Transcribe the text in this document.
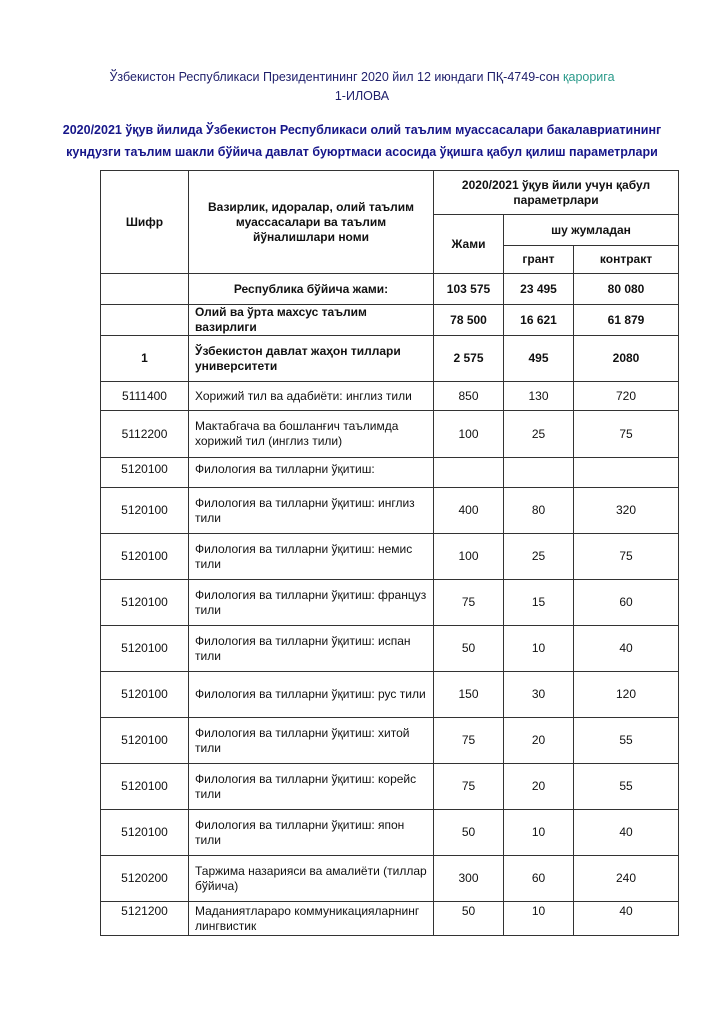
Ўзбекистон Республикаси Президентининг 2020 йил 12 июндаги ПҚ-4749-сон қарорига
1-ИЛОВА
2020/2021 ўқув йилида Ўзбекистон Республикаси олий таълим муассасалари бакалавриатининг
кундузги таълим шакли бўйича давлат буюртмаси асосида ўқишга қабул қилиш параметрлари
Шифр	Вазирлик, идоралар, олий таълим муассасалари ва таълим йўналишлари номи	2020/2021 ўқув йили учун қабул параметрлари		
		Жами	шу жумладан	
			грант	контракт
	Республика бўйича жами:	103 575	23 495	80 080
	Олий ва ўрта махсус таълим вазирлиги	78 500	16 621	61 879
1	Ўзбекистон давлат жаҳон тиллари университети	2 575	495	2080
5111400	Хорижий тил ва адабиёти: инглиз тили	850	130	720
5112200	Мактабгача ва бошланғич таълимда хорижий тил (инглиз тили)	100	25	75
5120100	Филология ва тилларни ўқитиш:			
5120100	Филология ва тилларни ўқитиш: инглиз тили	400	80	320
5120100	Филология ва тилларни ўқитиш: немис тили	100	25	75
5120100	Филология ва тилларни ўқитиш: француз тили	75	15	60
5120100	Филология ва тилларни ўқитиш: испан тили	50	10	40
5120100	Филология ва тилларни ўқитиш: рус тили	150	30	120
5120100	Филология ва тилларни ўқитиш: хитой тили	75	20	55
5120100	Филология ва тилларни ўқитиш: корейс тили	75	20	55
5120100	Филология ва тилларни ўқитиш: япон тили	50	10	40
5120200	Таржима назарияси ва амалиёти (тиллар бўйича)	300	60	240
5121200	Маданиятлараро коммуникацияларнинг лингвистик	50	10	40
